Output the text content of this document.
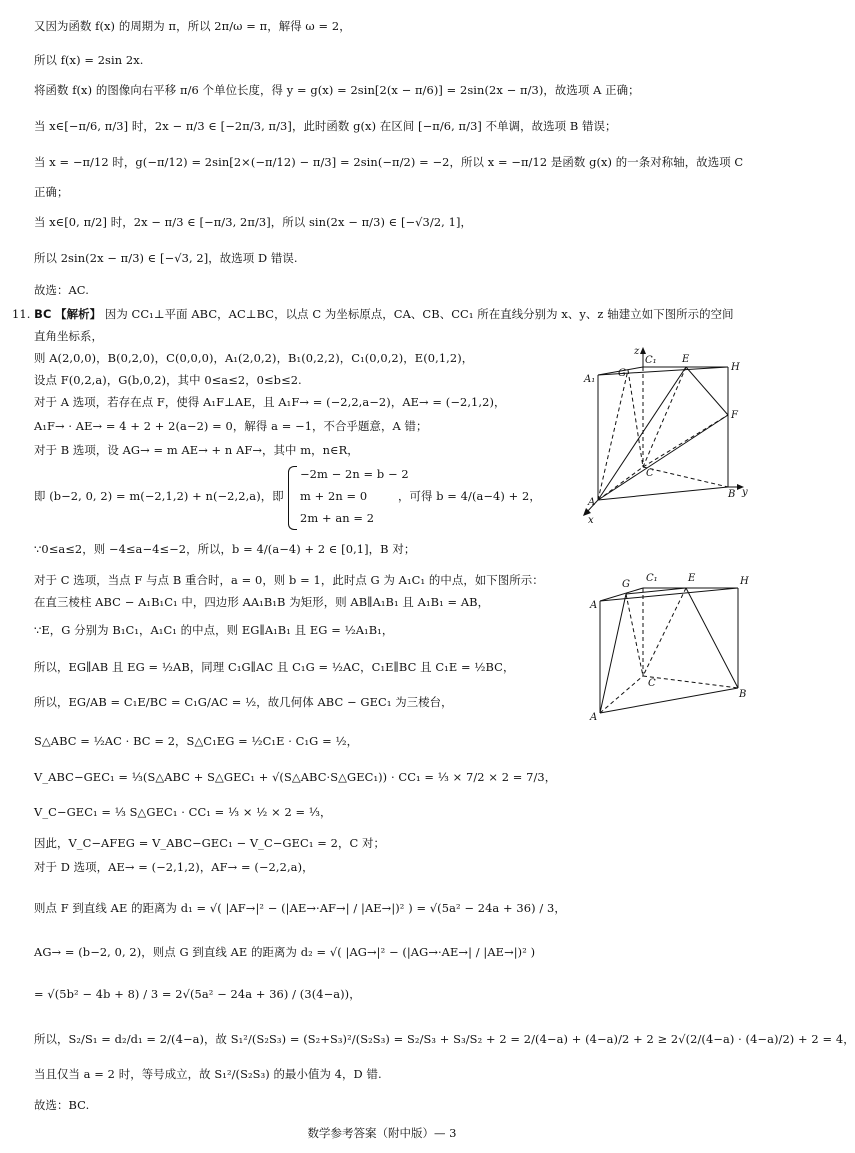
又因为函数 f(x) 的周期为 π，所以 2π/ω = π，解得 ω = 2，
所以 f(x) = 2sin 2x.
将函数 f(x) 的图像向右平移 π/6 个单位长度，得 y = g(x) = 2sin[2(x − π/6)] = 2sin(2x − π/3)，故选项 A 正确；
当 x∈[−π/6, π/3] 时，2x − π/3 ∈ [−2π/3, π/3]，此时函数 g(x) 在区间 [−π/6, π/3] 不单调，故选项 B 错误；
当 x = −π/12 时，g(−π/12) = 2sin[2×(−π/12) − π/3] = 2sin(−π/2) = −2，所以 x = −π/12 是函数 g(x) 的一条对称轴，故选项 C
正确；
当 x∈[0, π/2] 时，2x − π/3 ∈ [−π/3, 2π/3]，所以 sin(2x − π/3) ∈ [−√3/2, 1]，
所以 2sin(2x − π/3) ∈ [−√3, 2]，故选项 D 错误.
故选：AC.
11. BC 【解析】 因为 CC₁⊥平面 ABC，AC⊥BC，以点 C 为坐标原点，CA、CB、CC₁ 所在直线分别为 x、y、z 轴建立如下图所示的空间
直角坐标系，
则 A(2,0,0)，B(0,2,0)，C(0,0,0)，A₁(2,0,2)，B₁(0,2,2)，C₁(0,0,2)，E(0,1,2)，
设点 F(0,2,a)，G(b,0,2)，其中 0≤a≤2，0≤b≤2.
对于 A 选项，若存在点 F，使得 A₁F⊥AE，且 A₁F→ = (−2,2,a−2)，AE→ = (−2,1,2)，
A₁F→ · AE→ = 4 + 2 + 2(a−2) = 0，解得 a = −1，不合乎题意，A 错；
对于 B 选项，设 AG→ = m AE→ + n AF→，其中 m，n∈R，
即 (b−2, 0, 2) = m(−2,1,2) + n(−2,2,a)，即
−2m − 2n = b − 2
m + 2n = 0
2m + an = 2
，可得 b = 4/(a−4) + 2，
∵0≤a≤2，则 −4≤a−4≤−2，所以，b = 4/(a−4) + 2 ∈ [0,1]，B 对；
对于 C 选项，当点 F 与点 B 重合时，a = 0，则 b = 1，此时点 G 为 A₁C₁ 的中点，如下图所示：
在直三棱柱 ABC − A₁B₁C₁ 中，四边形 AA₁B₁B 为矩形，则 AB∥A₁B₁ 且 A₁B₁ = AB，
∵E，G 分别为 B₁C₁，A₁C₁ 的中点，则 EG∥A₁B₁ 且 EG = ½A₁B₁，
所以，EG∥AB 且 EG = ½AB，同理 C₁G∥AC 且 C₁G = ½AC，C₁E∥BC 且 C₁E = ½BC，
所以，EG/AB = C₁E/BC = C₁G/AC = ½，故几何体 ABC − GEC₁ 为三棱台，
S△ABC = ½AC · BC = 2，S△C₁EG = ½C₁E · C₁G = ½，
V_ABC−GEC₁ = ⅓(S△ABC + S△GEC₁ + √(S△ABC·S△GEC₁)) · CC₁ = ⅓ × 7/2 × 2 = 7/3，
V_C−GEC₁ = ⅓ S△GEC₁ · CC₁ = ⅓ × ½ × 2 = ⅓，
因此，V_C−AFEG = V_ABC−GEC₁ − V_C−GEC₁ = 2，C 对；
对于 D 选项，AE→ = (−2,1,2)，AF→ = (−2,2,a)，
则点 F 到直线 AE 的距离为 d₁ = √( |AF→|² − (|AE→·AF→| / |AE→|)² ) = √(5a² − 24a + 36) / 3，
AG→ = (b−2, 0, 2)，则点 G 到直线 AE 的距离为 d₂ = √( |AG→|² − (|AG→·AE→| / |AE→|)² )
= √(5b² − 4b + 8) / 3 = 2√(5a² − 24a + 36) / (3(4−a))，
所以，S₂/S₁ = d₂/d₁ = 2/(4−a)，故 S₁²/(S₂S₃) = (S₂+S₃)²/(S₂S₃) = S₂/S₃ + S₃/S₂ + 2 = 2/(4−a) + (4−a)/2 + 2 ≥ 2√(2/(4−a) · (4−a)/2) + 2 = 4，
当且仅当 a = 2 时，等号成立，故 S₁²/(S₂S₃) 的最小值为 4，D 错.
故选：BC.
z
C₁	E
H
G
A₁
F
C
A
B y
x
G
C₁	E	H
A
C
B
A
数学参考答案（附中版）— 3
